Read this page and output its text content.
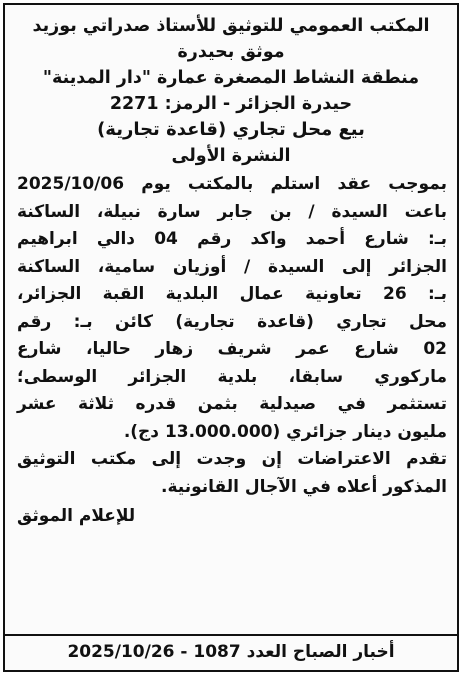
المكتب العمومي للتوثيق للأستاذ صدراتي بوزيد
موثق بحيدرة
منطقة النشاط المصغرة عمارة "دار المدينة"
حيدرة الجزائر - الرمز: 2271
بيع محل تجاري (قاعدة تجارية)
النشرة الأولى
بموجب عقد استلم بالمكتب يوم 2025/10/06
باعت السيدة / بن جابر سارة نبيلة، الساكنة
بـ: شارع أحمد واكد رقم 04 دالي ابراهيم
الجزائر إلى السيدة / أوزيان سامية، الساكنة
بـ: 26 تعاونية عمال البلدية القبة الجزائر،
محل تجاري (قاعدة تجارية) كائن بـ: رقم
02 شارع عمر شريف زهار حاليا، شارع
ماركوري سابقا، بلدية الجزائر الوسطى؛
تستثمر في صيدلية بثمن قدره ثلاثة عشر
مليون دينار جزائري (13.000.000 دج).
تقدم الاعتراضات إن وجدت إلى مكتب التوثيق
المذكور أعلاه في الآجال القانونية.
للإعلام الموثق
أخبار الصباح العدد 1087 - 2025/10/26
